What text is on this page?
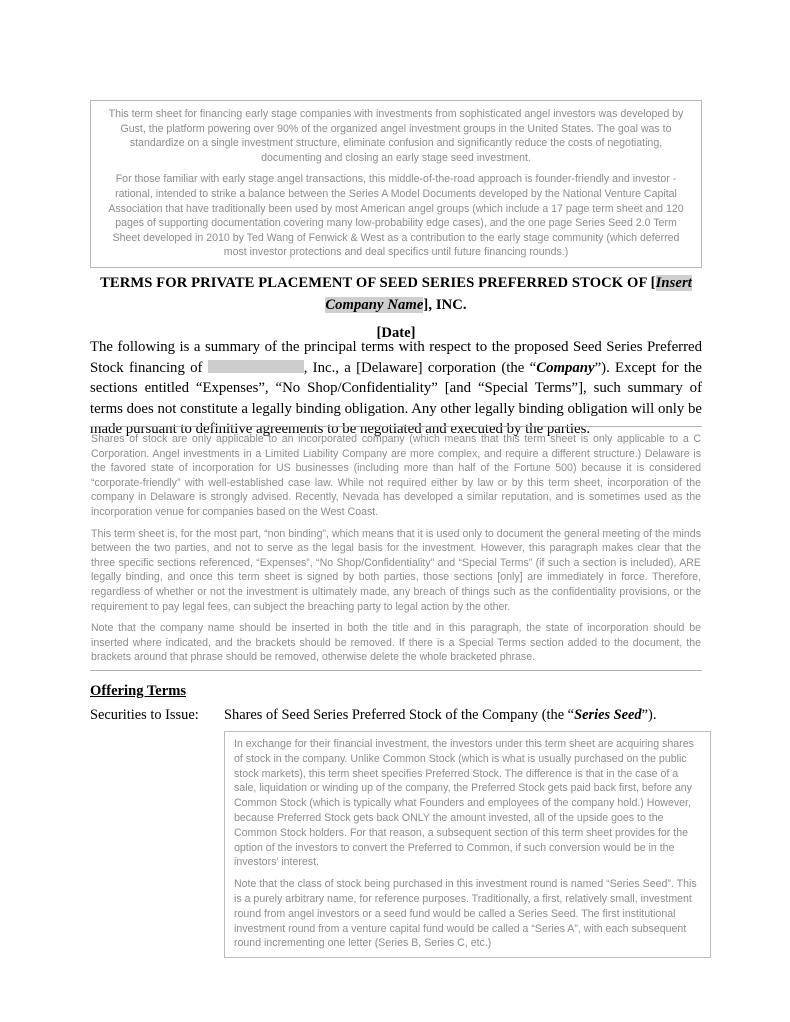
This term sheet for financing early stage companies with investments from sophisticated angel investors was developed by Gust, the platform powering over 90% of the organized angel investment groups in the United States. The goal was to standardize on a single investment structure, eliminate confusion and significantly reduce the costs of negotiating, documenting and closing an early stage seed investment.

For those familiar with early stage angel transactions, this middle-of-the-road approach is founder-friendly and investor -rational, intended to strike a balance between the Series A Model Documents developed by the National Venture Capital Association that have traditionally been used by most American angel groups (which include a 17 page term sheet and 120 pages of supporting documentation covering many low-probability edge cases), and the one page Series Seed 2.0 Term Sheet developed in 2010 by Ted Wang of Fenwick & West as a contribution to the early stage community (which deferred most investor protections and deal specifics until future financing rounds.)

TERMS FOR PRIVATE PLACEMENT OF SEED SERIES PREFERRED STOCK OF [Insert Company Name], INC.

[Date]

The following is a summary of the principal terms with respect to the proposed Seed Series Preferred Stock financing of	, Inc., a [Delaware] corporation (the “Company”). Except for the sections entitled “Expenses”, “No Shop/Confidentiality” [and “Special Terms”], such summary of terms does not constitute a legally binding obligation. Any other legally binding obligation will only be made pursuant to definitive agreements to be negotiated and executed by the parties.

Shares of stock are only applicable to an incorporated company (which means that this term sheet is only applicable to a C Corporation. Angel investments in a Limited Liability Company are more complex, and require a different structure.) Delaware is the favored state of incorporation for US businesses (including more than half of the Fortune 500) because it is considered “corporate-friendly” with well-established case law. While not required either by law or by this term sheet, incorporation of the company in Delaware is strongly advised. Recently, Nevada has developed a similar reputation, and is sometimes used as the incorporation venue for companies based on the West Coast.

This term sheet is, for the most part, “non binding”, which means that it is used only to document the general meeting of the minds between the two parties, and not to serve as the legal basis for the investment. However, this paragraph makes clear that the three specific sections referenced, “Expenses”, “No Shop/Confidentiality” and “Special Terms” (if such a section is included), ARE legally binding, and once this term sheet is signed by both parties, those sections [only] are immediately in force. Therefore, regardless of whether or not the investment is ultimately made, any breach of things such as the confidentiality provisions, or the requirement to pay legal fees, can subject the breaching party to legal action by the other.

Note that the company name should be inserted in both the title and in this paragraph, the state of incorporation should be inserted where indicated, and the brackets should be removed. If there is a Special Terms section added to the document, the brackets around that phrase should be removed, otherwise delete the whole bracketed phrase.

Offering Terms
Securities to Issue:	Shares of Seed Series Preferred Stock of the Company (the “Series Seed”).

In exchange for their financial investment, the investors under this term sheet are acquiring shares of stock in the company. Unlike Common Stock (which is what is usually purchased on the public stock markets), this term sheet specifies Preferred Stock. The difference is that in the case of a sale, liquidation or winding up of the company, the Preferred Stock gets paid back first, before any Common Stock (which is typically what Founders and employees of the company hold.) However, because Preferred Stock gets back ONLY the amount invested, all of the upside goes to the Common Stock holders. For that reason, a subsequent section of this term sheet provides for the option of the investors to convert the Preferred to Common, if such conversion would be in the investors’ interest.

Note that the class of stock being purchased in this investment round is named “Series Seed”. This is a purely arbitrary name, for reference purposes. Traditionally, a first, relatively small, investment round from angel investors or a seed fund would be called a Series Seed. The first institutional investment round from a venture capital fund would be called a “Series A”, with each subsequent round incrementing one letter (Series B, Series C, etc.)
